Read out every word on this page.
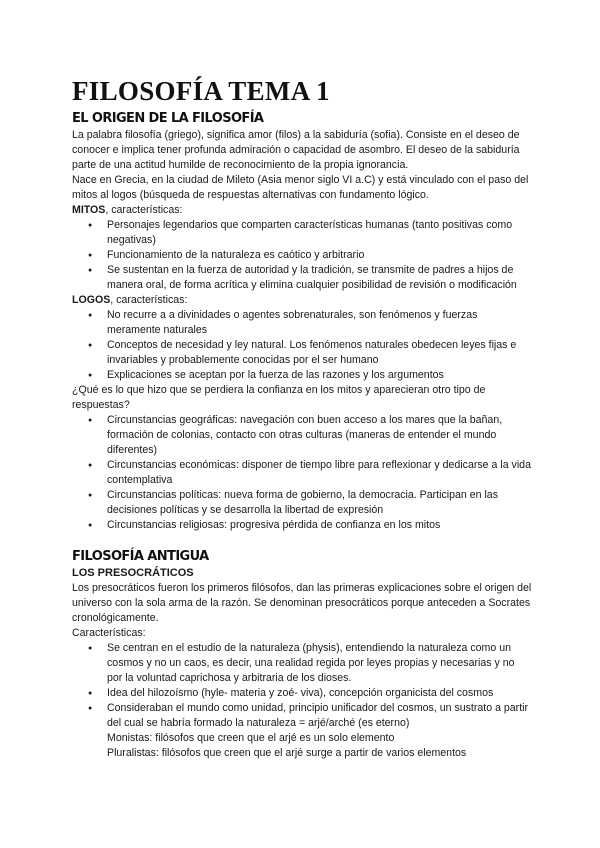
FILOSOFÍA TEMA 1
EL ORIGEN DE LA FILOSOFÍA

La palabra filosofía (griego), significa amor (filos) a la sabiduría (sofia). Consiste en el deseo de conocer e implica tener profunda admiración o capacidad de asombro. El deseo de la sabiduría parte de una actitud humilde de reconocimiento de la propia ignorancia.

Nace en Grecia, en la ciudad de Mileto (Asia menor siglo VI a.C) y está vinculado con el paso del mitos al logos (búsqueda de respuestas alternativas con fundamento lógico.

MITOS, características:

● Personajes legendarios que comparten características humanas (tanto positivas como negativas)
● Funcionamiento de la naturaleza es caótico y arbitrario
● Se sustentan en la fuerza de autoridad y la tradición, se transmite de padres a hijos de manera oral, de forma acrítica y elimina cualquier posibilidad de revisión o modificación

LOGOS, características:

● No recurre a a divinidades o agentes sobrenaturales, son fenómenos y fuerzas meramente naturales
● Conceptos de necesidad y ley natural. Los fenómenos naturales obedecen leyes fijas e invariables y probablemente conocidas por el ser humano
● Explicaciones se aceptan por la fuerza de las razones y los argumentos

¿Qué es lo que hizo que se perdiera la confianza en los mitos y aparecieran otro tipo de respuestas?

● Circunstancias geográficas: navegación con buen acceso a los mares que la bañan, formación de colonias, contacto con otras culturas (maneras de entender el mundo diferentes)
● Circunstancias económicas: disponer de tiempo libre para reflexionar y dedicarse a la vida contemplativa
● Circunstancias políticas: nueva forma de gobierno, la democracia. Participan en las decisiones políticas y se desarrolla la libertad de expresión
● Circunstancias religiosas: progresiva pérdida de confianza en los mitos
FILOSOFÍA ANTIGUA
LOS PRESOCRÁTICOS

Los presocráticos fueron los primeros filósofos, dan las primeras explicaciones sobre el origen del universo con la sola arma de la razón. Se denominan presocráticos porque anteceden a Socrates cronológicamente.

Características:

● Se centran en el estudio de la naturaleza (physis), entendiendo la naturaleza como un cosmos y no un caos, es decir, una realidad regida por leyes propias y necesarias y no por la voluntad caprichosa y arbitraria de los dioses.
● Idea del hilozoísmo (hyle- materia y zoé- viva), concepción organicista del cosmos
● Consideraban el mundo como unidad, principio unificador del cosmos, un sustrato a partir del cual se habría formado la naturaleza = arjé/arché (es eterno)
Monistas: filósofos que creen que el arjé es un solo elemento
Pluralistas: filósofos que creen que el arjé surge a partir de varios elementos
